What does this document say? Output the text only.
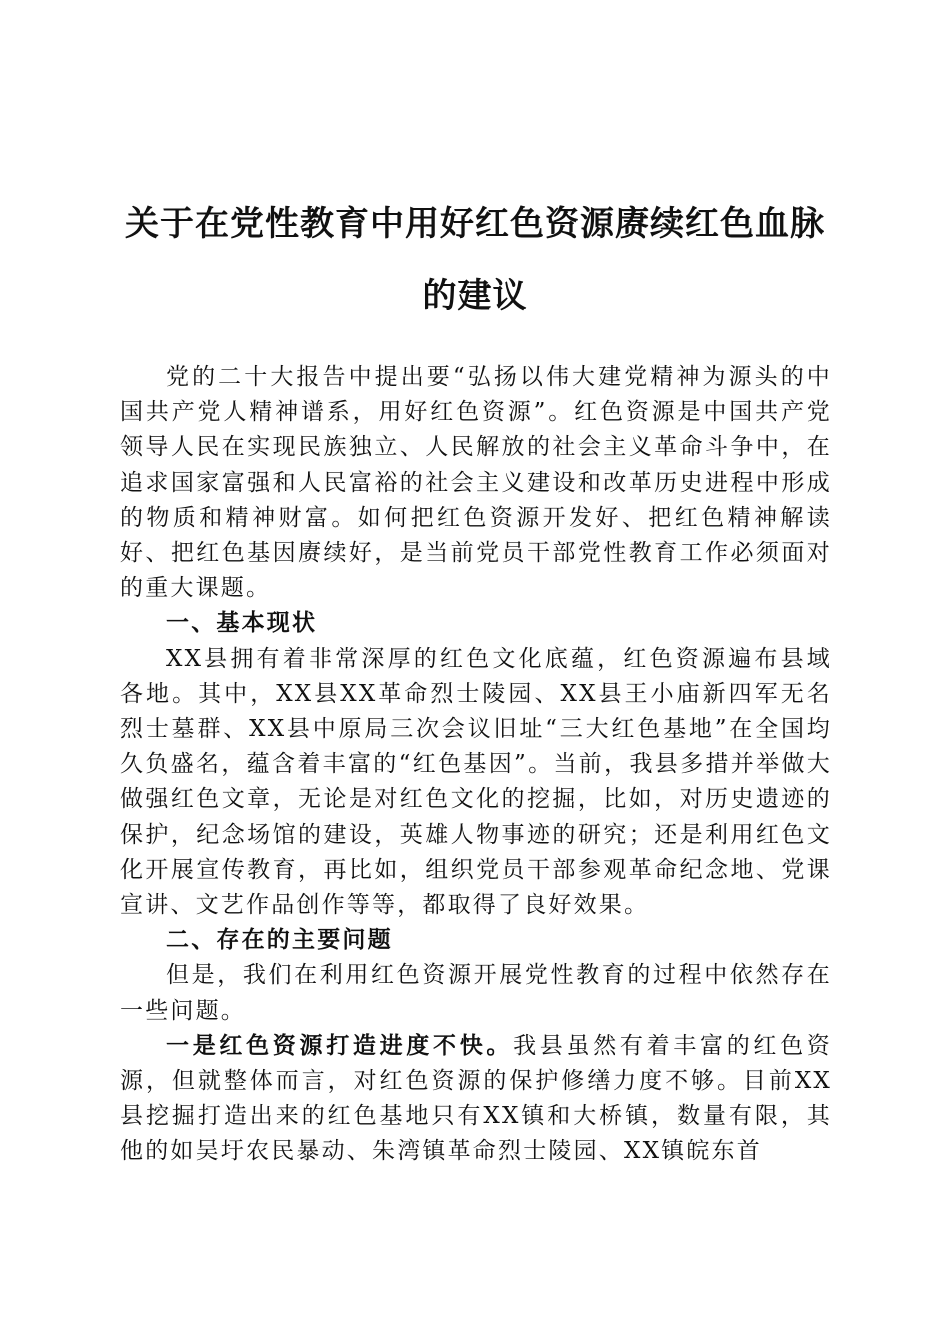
关于在党性教育中用好红色资源赓续红色血脉
的建议

党的二十大报告中提出要“弘扬以伟大建党精神为源头的中国共产党人精神谱系，用好红色资源”。红色资源是中国共产党领导人民在实现民族独立、人民解放的社会主义革命斗争中，在追求国家富强和人民富裕的社会主义建设和改革历史进程中形成的物质和精神财富。如何把红色资源开发好、把红色精神解读好、把红色基因赓续好，是当前党员干部党性教育工作必须面对的重大课题。

一、基本现状

XX县拥有着非常深厚的红色文化底蕴，红色资源遍布县域各地。其中，XX县XX革命烈士陵园、XX县王小庙新四军无名烈士墓群、XX县中原局三次会议旧址“三大红色基地”在全国均久负盛名，蕴含着丰富的“红色基因”。当前，我县多措并举做大做强红色文章，无论是对红色文化的挖掘，比如，对历史遗迹的保护，纪念场馆的建设，英雄人物事迹的研究；还是利用红色文化开展宣传教育，再比如，组织党员干部参观革命纪念地、党课宣讲、文艺作品创作等等，都取得了良好效果。

二、存在的主要问题

但是，我们在利用红色资源开展党性教育的过程中依然存在一些问题。

一是红色资源打造进度不快。我县虽然有着丰富的红色资源，但就整体而言，对红色资源的保护修缮力度不够。目前XX县挖掘打造出来的红色基地只有XX镇和大桥镇，数量有限，其他的如吴圩农民暴动、朱湾镇革命烈士陵园、XX镇皖东首
